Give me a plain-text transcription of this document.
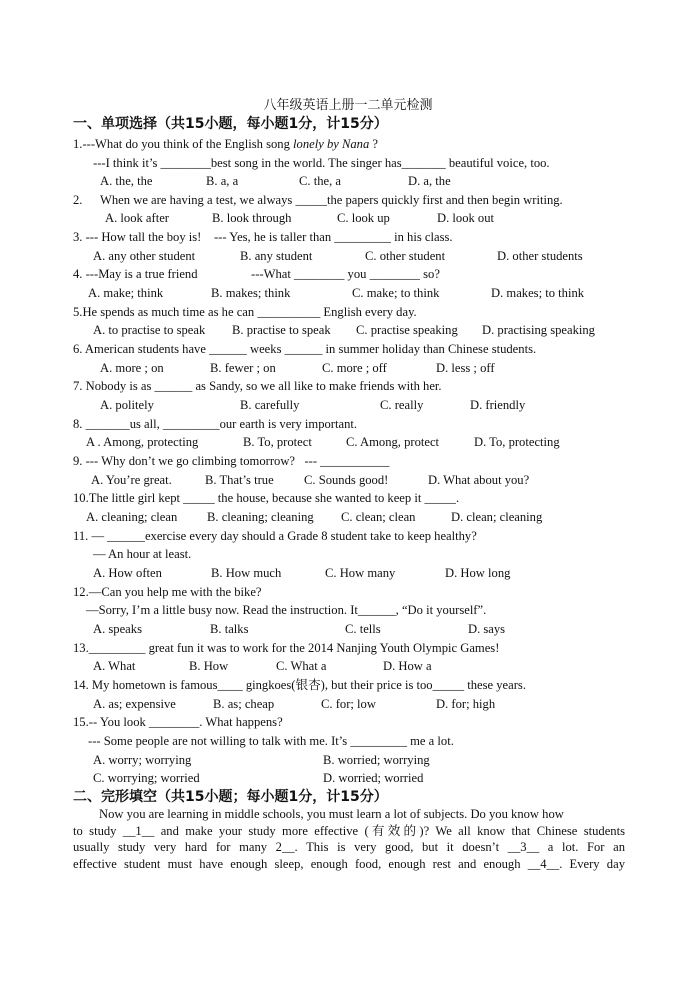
八年级英语上册一二单元检测
一、单项选择（共15小题，每小题1分，计15分）
1.---What do you think of the English song lonely by Nana ?
---I think it’s ________best song in the world. The singer has_______ beautiful voice, too.
A. the, the	B. a, a	C. the, a	D. a, the
2. When we are having a test, we always _____the papers quickly first and then begin writing.
A. look after	B. look through	C. look up	D. look out
3. --- How tall the boy is!    --- Yes, he is taller than _________ in his class.
A. any other student	B. any student	C. other student	D. other students
4. ---May is a true friend                 ---What ________ you ________ so?
A. make; think	B. makes; think	C. make; to think	D. makes; to think
5.He spends as much time as he can __________ English every day.
A. to practise to speak B. practise to speak C. practise speaking D. practising speaking
6. American students have ______ weeks ______ in summer holiday than Chinese students.
A. more ; on	B. fewer ; on	C. more ; off	D. less ; off
7. Nobody is as ______ as Sandy, so we all like to make friends with her.
A. politely	B. carefully	C. really	D. friendly
8. _______us all, _________our earth is very important.
A . Among, protecting	B. To, protect	C. Among, protect	D. To, protecting
9. --- Why don’t we go climbing tomorrow?   --- ___________
A. You’re great.	B. That’s true C. Sounds good!	D. What about you?
10.The little girl kept _____ the house, because she wanted to keep it _____.
A. cleaning; clean B. cleaning; cleaning C. clean; clean	D. clean; cleaning
11. — ______exercise every day should a Grade 8 student take to keep healthy?
— An hour at least.
A. How often	B. How much	C. How many	D. How long
12.—Can you help me with the bike?
—Sorry, I’m a little busy now. Read the instruction. It______, “Do it yourself”.
A. speaks	B. talks	C. tells	D. says
13._________ great fun it was to work for the 2014 Nanjing Youth Olympic Games!
A. What	B. How	C. What a	D. How a
14. My hometown is famous____ gingkoes(银杏), but their price is too_____ these years.
A. as; expensive	B. as; cheap	C. for; low	D. for; high
15.-- You look ________. What happens?
--- Some people are not willing to talk with me. It’s _________ me a lot.
A. worry; worrying	B. worried; worrying
C. worrying; worried	D. worried; worried
二、完形填空（共15小题；每小题1分，计15分）
Now you are learning in middle schools, you must learn a lot of subjects. Do you know how
to study __1__ and make your study more effective (有效的)? We all know that Chinese students
usually study very hard for many 2__. This is very good, but it doesn’t __3__ a lot. For an
effective student must have enough sleep, enough food, enough rest and enough __4__. Every day
